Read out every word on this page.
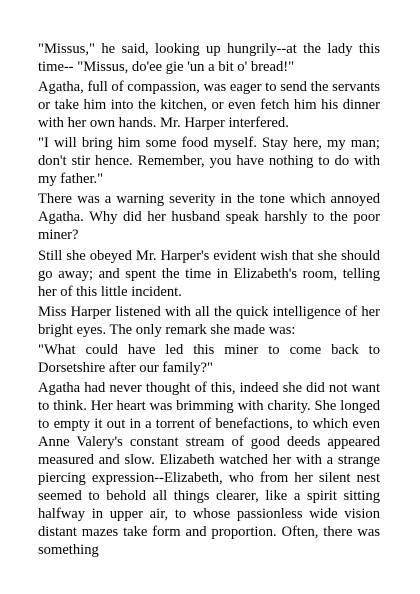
"Missus," he said, looking up hungrily--at the lady this time-- "Missus, do'ee gie 'un a bit o' bread!"

Agatha, full of compassion, was eager to send the servants or take him into the kitchen, or even fetch him his dinner with her own hands. Mr. Harper interfered.

"I will bring him some food myself. Stay here, my man; don't stir hence. Remember, you have nothing to do with my father."

There was a warning severity in the tone which annoyed Agatha. Why did her husband speak harshly to the poor miner?

Still she obeyed Mr. Harper's evident wish that she should go away; and spent the time in Elizabeth's room, telling her of this little incident.

Miss Harper listened with all the quick intelligence of her bright eyes. The only remark she made was:

"What could have led this miner to come back to Dorsetshire after our family?"

Agatha had never thought of this, indeed she did not want to think. Her heart was brimming with charity. She longed to empty it out in a torrent of benefactions, to which even Anne Valery's constant stream of good deeds appeared measured and slow. Elizabeth watched her with a strange piercing expression--Elizabeth, who from her silent nest seemed to behold all things clearer, like a spirit sitting halfway in upper air, to whose passionless wide vision distant mazes take form and proportion. Often, there was something
